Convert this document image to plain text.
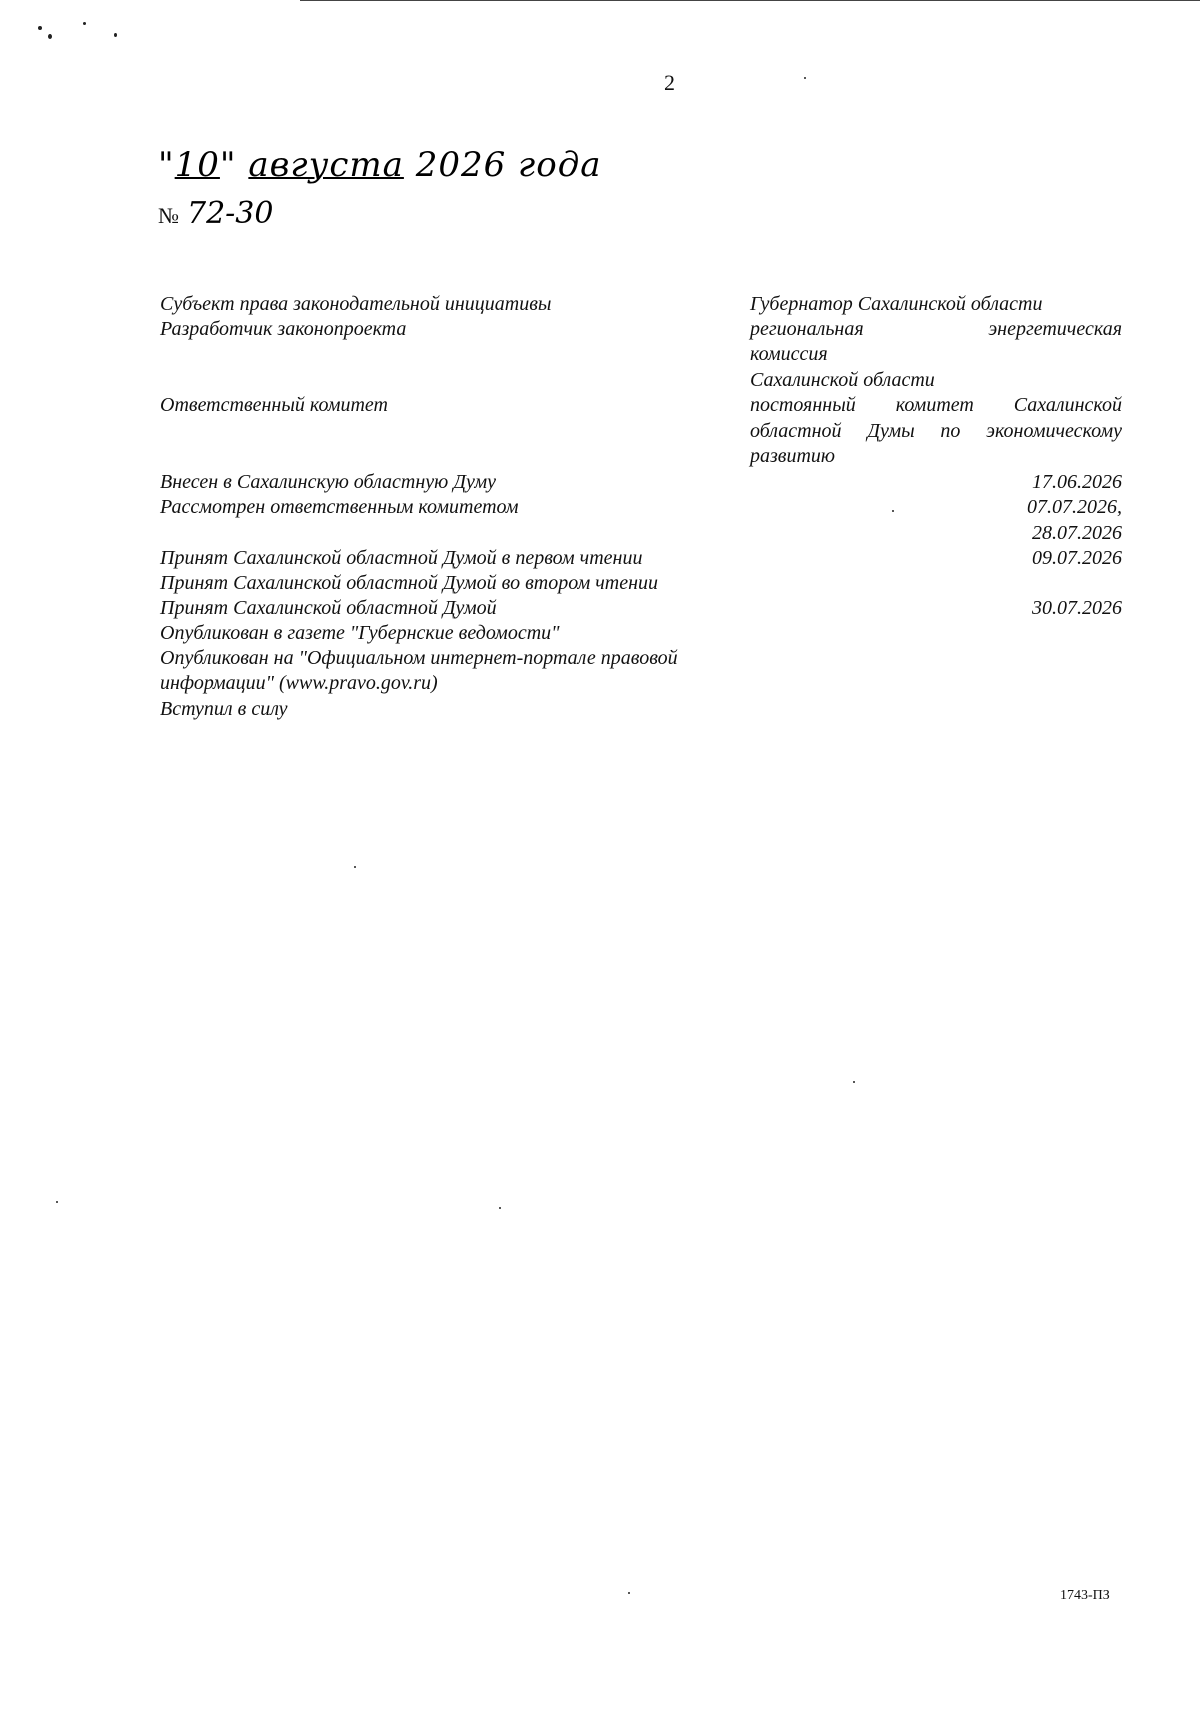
2
"10" августа 2026 года
№ 72-30
Субъект права законодательной инициативы
Разработчик законопроекта
Ответственный комитет
Внесен в Сахалинскую областную Думу
Рассмотрен ответственным комитетом
Принят Сахалинской областной Думой в первом чтении
Принят Сахалинской областной Думой во втором чтении
Принят Сахалинской областной Думой
Опубликован в газете "Губернские ведомости"
Опубликован на "Официальном интернет-портале правовой
информации" (www.pravo.gov.ru)
Вступил в силу
Губернатор Сахалинской области
региональная	энергетическая
комиссия
Сахалинской области
постоянный комитет Сахалинской
областной Думы по экономическому
развитию
17.06.2026
07.07.2026,
28.07.2026
09.07.2026
30.07.2026
1743-ПЗ
